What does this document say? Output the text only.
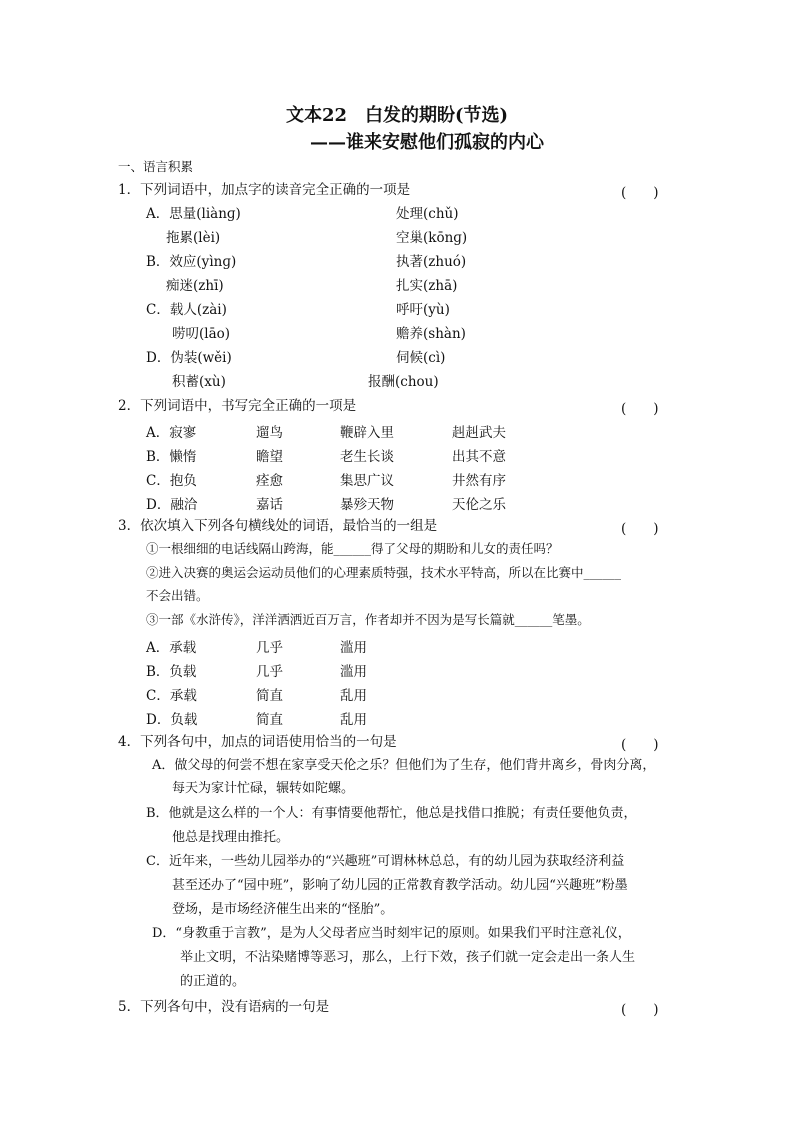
文本22　白发的期盼(节选)
——谁来安慰他们孤寂的内心
一、语言积累
1．下列词语中，加点字的读音完全正确的一项是	(　　)
A．思量(liànɡ)	处理(chǔ)
拖累(lèi)	空巢(kōnɡ)
B．效应(yìnɡ)	执著(zhuó)
痴迷(zhī)	扎实(zhā)
C．载人(zài)	呼吁(yù)
唠叨(lāo)	赡养(shàn)
D．伪装(wěi)	伺候(cì)
积蓄(xù)	报酬(chou)
2．下列词语中，书写完全正确的一项是	(　　)
A．寂寥	遛鸟	鞭辟入里	赳赳武夫
B．懒惰	瞻望	老生长谈	出其不意
C．抱负	痊愈	集思广议	井然有序
D．融洽	嘉话	暴殄天物	天伦之乐
3．依次填入下列各句横线处的词语，最恰当的一组是	(　　)
①一根细细的电话线隔山跨海，能______得了父母的期盼和儿女的责任吗？
②进入决赛的奥运会运动员他们的心理素质特强，技术水平特高，所以在比赛中______
不会出错。
③一部《水浒传》，洋洋洒洒近百万言，作者却并不因为是写长篇就______笔墨。
A．承载	几乎	滥用
B．负载	几乎	滥用
C．承载	简直	乱用
D．负载	简直	乱用
4．下列各句中，加点的词语使用恰当的一句是	(　　)
A．做父母的何尝不想在家享受天伦之乐？但他们为了生存，他们背井离乡，骨肉分离，
每天为家计忙碌，辗转如陀螺。
B．他就是这么样的一个人：有事情要他帮忙，他总是找借口推脱；有责任要他负责，
他总是找理由推托。
C．近年来，一些幼儿园举办的“兴趣班”可谓林林总总，有的幼儿园为获取经济利益
甚至还办了“园中班”，影响了幼儿园的正常教育教学活动。幼儿园“兴趣班”粉墨
登场，是市场经济催生出来的“怪胎”。
D．“身教重于言教”，是为人父母者应当时刻牢记的原则。如果我们平时注意礼仪，
举止文明，不沾染赌博等恶习，那么，上行下效，孩子们就一定会走出一条人生
的正道的。
5．下列各句中，没有语病的一句是	(　　)
